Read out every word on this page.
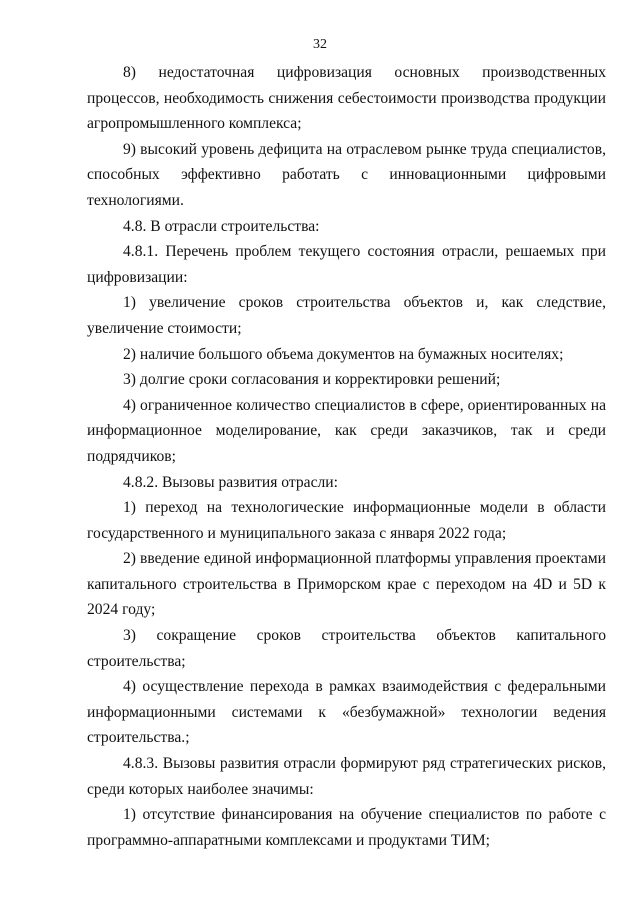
32

8) недостаточная цифровизация основных производственных процессов, необходимость снижения себестоимости производства продукции агропромышленного комплекса;

9) высокий уровень дефицита на отраслевом рынке труда специалистов, способных эффективно работать с инновационными цифровыми технологиями.

4.8. В отрасли строительства:

4.8.1. Перечень проблем текущего состояния отрасли, решаемых при цифровизации:

1) увеличение сроков строительства объектов и, как следствие, увеличение стоимости;

2) наличие большого объема документов на бумажных носителях;

3) долгие сроки согласования и корректировки решений;

4) ограниченное количество специалистов в сфере, ориентированных на информационное моделирование, как среди заказчиков, так и среди подрядчиков;

4.8.2. Вызовы развития отрасли:

1) переход на технологические информационные модели в области государственного и муниципального заказа с января 2022 года;

2) введение единой информационной платформы управления проектами капитального строительства в Приморском крае с переходом на 4D и 5D к 2024 году;

3) сокращение сроков строительства объектов капитального строительства;

4) осуществление перехода в рамках взаимодействия с федеральными информационными системами к «безбумажной» технологии ведения строительства.;

4.8.3. Вызовы развития отрасли формируют ряд стратегических рисков, среди которых наиболее значимы:

1) отсутствие финансирования на обучение специалистов по работе с программно-аппаратными комплексами и продуктами ТИМ;
